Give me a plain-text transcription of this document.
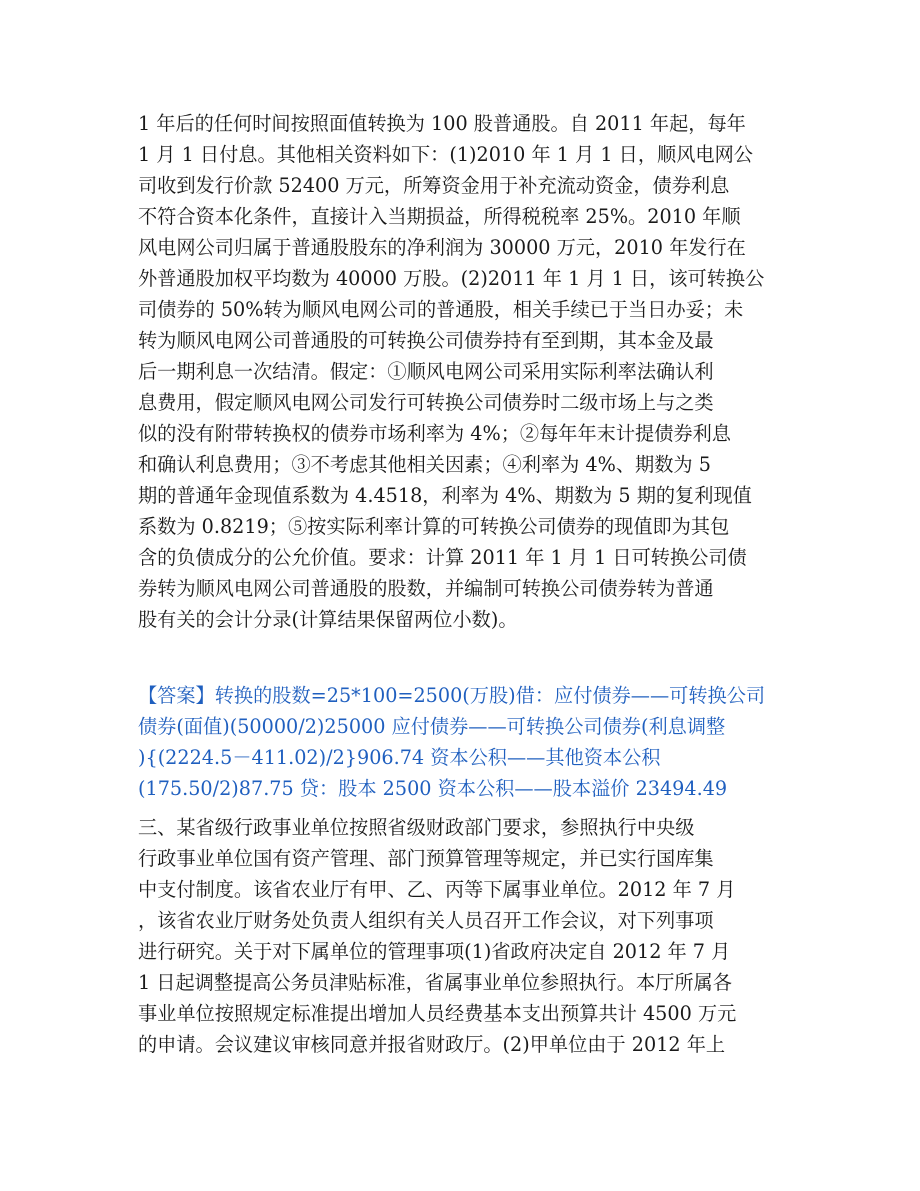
1 年后的任何时间按照面值转换为 100 股普通股。自 2011 年起，每年
1 月 1 日付息。其他相关资料如下：(1)2010 年 1 月 1 日，顺风电网公
司收到发行价款 52400 万元，所筹资金用于补充流动资金，债券利息
不符合资本化条件，直接计入当期损益，所得税税率 25%。2010 年顺
风电网公司归属于普通股股东的净利润为 30000 万元，2010 年发行在
外普通股加权平均数为 40000 万股。(2)2011 年 1 月 1 日，该可转换公
司债券的 50%转为顺风电网公司的普通股，相关手续已于当日办妥；未
转为顺风电网公司普通股的可转换公司债券持有至到期，其本金及最
后一期利息一次结清。假定：①顺风电网公司采用实际利率法确认利
息费用，假定顺风电网公司发行可转换公司债券时二级市场上与之类
似的没有附带转换权的债券市场利率为 4%；②每年年末计提债券利息
和确认利息费用；③不考虑其他相关因素；④利率为 4%、期数为 5
期的普通年金现值系数为 4.4518，利率为 4%、期数为 5 期的复利现值
系数为 0.8219；⑤按实际利率计算的可转换公司债券的现值即为其包
含的负债成分的公允价值。要求：计算 2011 年 1 月 1 日可转换公司债
券转为顺风电网公司普通股的股数，并编制可转换公司债券转为普通
股有关的会计分录(计算结果保留两位小数)。
【答案】转换的股数=25*100=2500(万股)借：应付债券——可转换公司
债券(面值)(50000/2)25000 应付债券——可转换公司债券(利息调整
){(2224.5－411.02)/2}906.74 资本公积——其他资本公积
(175.50/2)87.75 贷：股本 2500 资本公积——股本溢价 23494.49
三、某省级行政事业单位按照省级财政部门要求，参照执行中央级
行政事业单位国有资产管理、部门预算管理等规定，并已实行国库集
中支付制度。该省农业厅有甲、乙、丙等下属事业单位。2012 年 7 月
，该省农业厅财务处负责人组织有关人员召开工作会议，对下列事项
进行研究。关于对下属单位的管理事项(1)省政府决定自 2012 年 7 月
1 日起调整提高公务员津贴标准，省属事业单位参照执行。本厅所属各
事业单位按照规定标准提出增加人员经费基本支出预算共计 4500 万元
的申请。会议建议审核同意并报省财政厅。(2)甲单位由于 2012 年上
